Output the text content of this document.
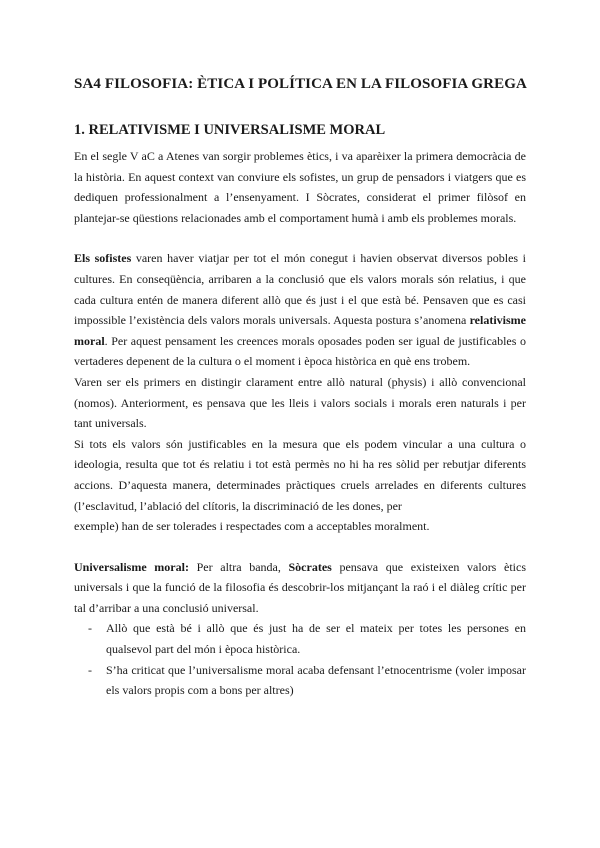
SA4 FILOSOFIA: ÈTICA I POLÍTICA EN LA FILOSOFIA GREGA
1. RELATIVISME I UNIVERSALISME MORAL

En el segle V aC a Atenes van sorgir problemes ètics, i va aparèixer la primera democràcia de la història. En aquest context van conviure els sofistes, un grup de pensadors i viatgers que es dediquen professionalment a l’ensenyament. I Sòcrates, considerat el primer filòsof en plantejar-se qüestions relacionades amb el comportament humà i amb els problemes morals.

Els sofistes varen haver viatjar per tot el món conegut i havien observat diversos pobles i cultures. En conseqüència, arribaren a la conclusió que els valors morals són relatius, i que cada cultura entén de manera diferent allò que és just i el que està bé. Pensaven que es casi impossible l’existència dels valors morals universals. Aquesta postura s’anomena relativisme moral. Per aquest pensament les creences morals oposades poden ser igual de justificables o vertaderes depenent de la cultura o el moment i època històrica en què ens trobem.

Varen ser els primers en distingir clarament entre allò natural (physis) i allò convencional (nomos). Anteriorment, es pensava que les lleis i valors socials i morals eren naturals i per tant universals.

Si tots els valors són justificables en la mesura que els podem vincular a una cultura o ideologia, resulta que tot és relatiu i tot està permès no hi ha res sòlid per rebutjar diferents accions. D’aquesta manera, determinades pràctiques cruels arrelades en diferents cultures (l’esclavitud, l’ablació del clítoris, la discriminació de les dones, per

exemple) han de ser tolerades i respectades com a acceptables moralment.

Universalisme moral: Per altra banda, Sòcrates pensava que existeixen valors ètics universals i que la funció de la filosofia és descobrir-los mitjançant la raó i el diàleg crític per tal d’arribar a una conclusió universal.

- Allò que està bé i allò que és just ha de ser el mateix per totes les persones en qualsevol part del món i època històrica.
- S’ha criticat que l’universalisme moral acaba defensant l’etnocentrisme (voler imposar els valors propis com a bons per altres)
